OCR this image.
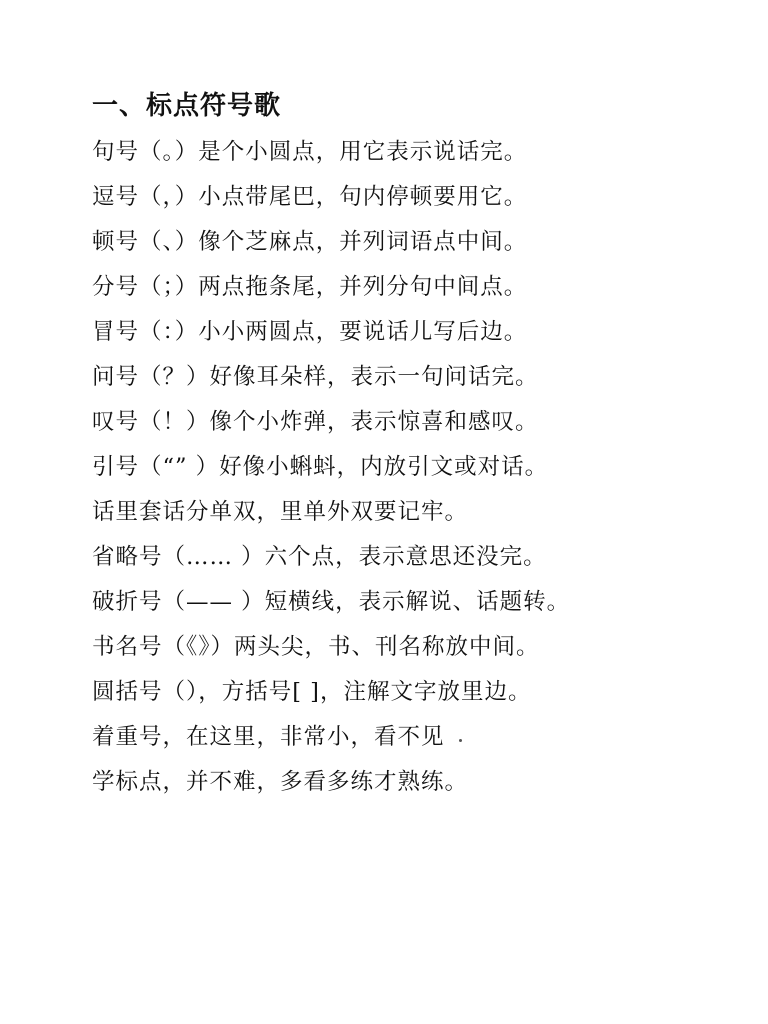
一、标点符号歌
句号（。）是个小圆点，用它表示说话完。
逗号（，）小点带尾巴，句内停顿要用它。
顿号（、）像个芝麻点，并列词语点中间。
分号（；）两点拖条尾，并列分句中间点。
冒号（：）小小两圆点，要说话儿写后边。
问号（？）好像耳朵样，表示一句问话完。
叹号（！）像个小炸弹，表示惊喜和感叹。
引号（“” ）好像小蝌蚪，内放引文或对话。
话里套话分单双，里单外双要记牢。
省略号（…… ）六个点，表示意思还没完。
破折号（—— ）短横线，表示解说、话题转。
书名号（《》）两头尖，书、刊名称放中间。
圆括号（），方括号[ ]，注解文字放里边。
着重号，在这里，非常小，看不见
学标点，并不难，多看多练才熟练。
